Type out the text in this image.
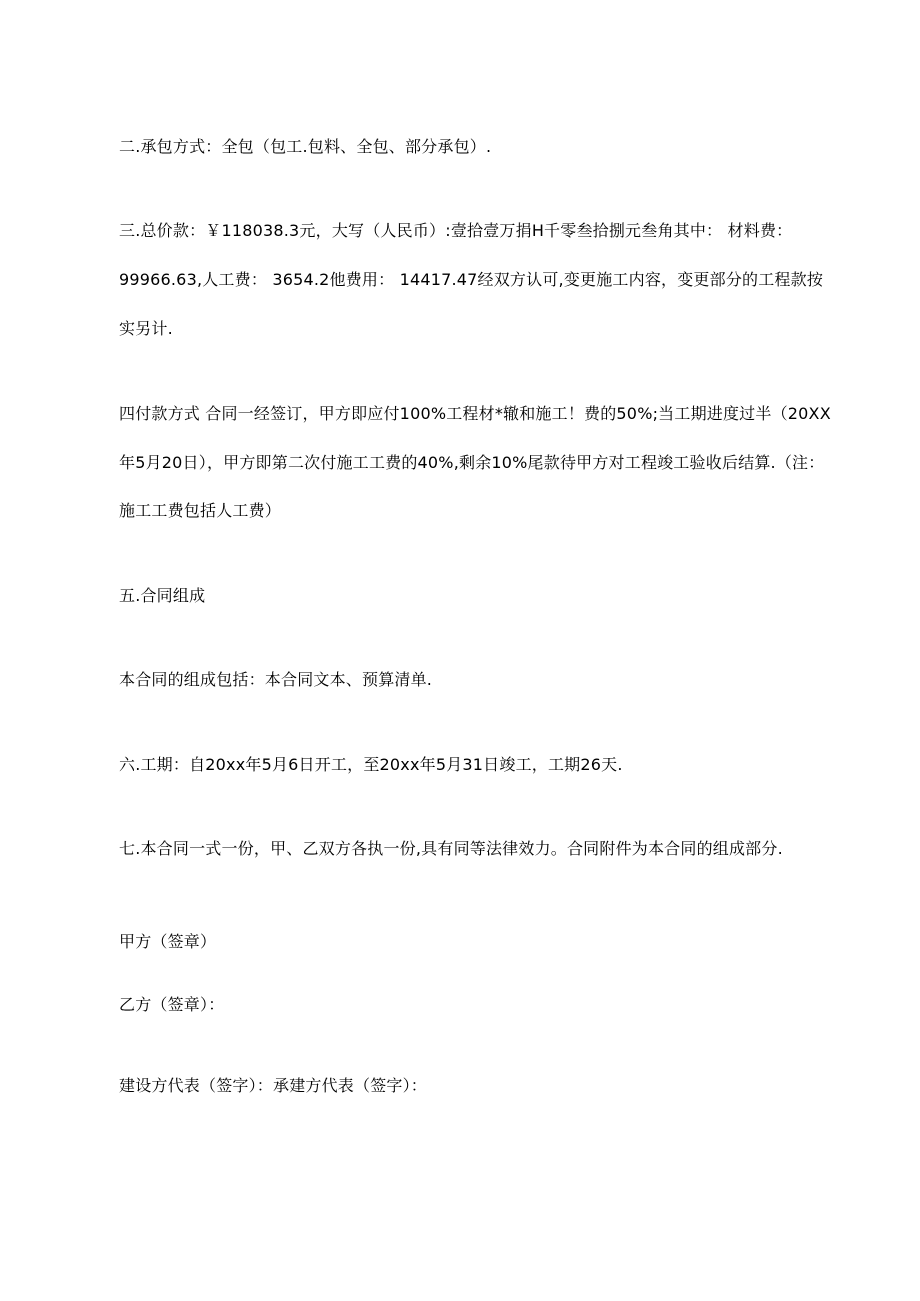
二.承包方式：全包（包工.包料、全包、部分承包）.
三.总价款：￥118038.3元，大写（人民币）:壹拾壹万捐H千零叁拾捌元叁角其中： 材料费：
99966.63,人工费： 3654.2他费用： 14417.47经双方认可,变更施工内容，变更部分的工程款按
实另计.
四付款方式 合同一经签订，甲方即应付100%工程材*辙和施工！费的50%;当工期进度过半（20XX
年5月20日），甲方即第二次付施工工费的40%,剩余10%尾款待甲方对工程竣工验收后结算.（注：
施工工费包括人工费）
五.合同组成
本合同的组成包括：本合同文本、预算清单.
六.工期：自20xx年5月6日开工，至20xx年5月31日竣工，工期26天.
七.本合同一式一份，甲、乙双方各执一份,具有同等法律效力。合同附件为本合同的组成部分.
甲方（签章）
乙方（签章）：
建设方代表（签字）：承建方代表（签字）：
